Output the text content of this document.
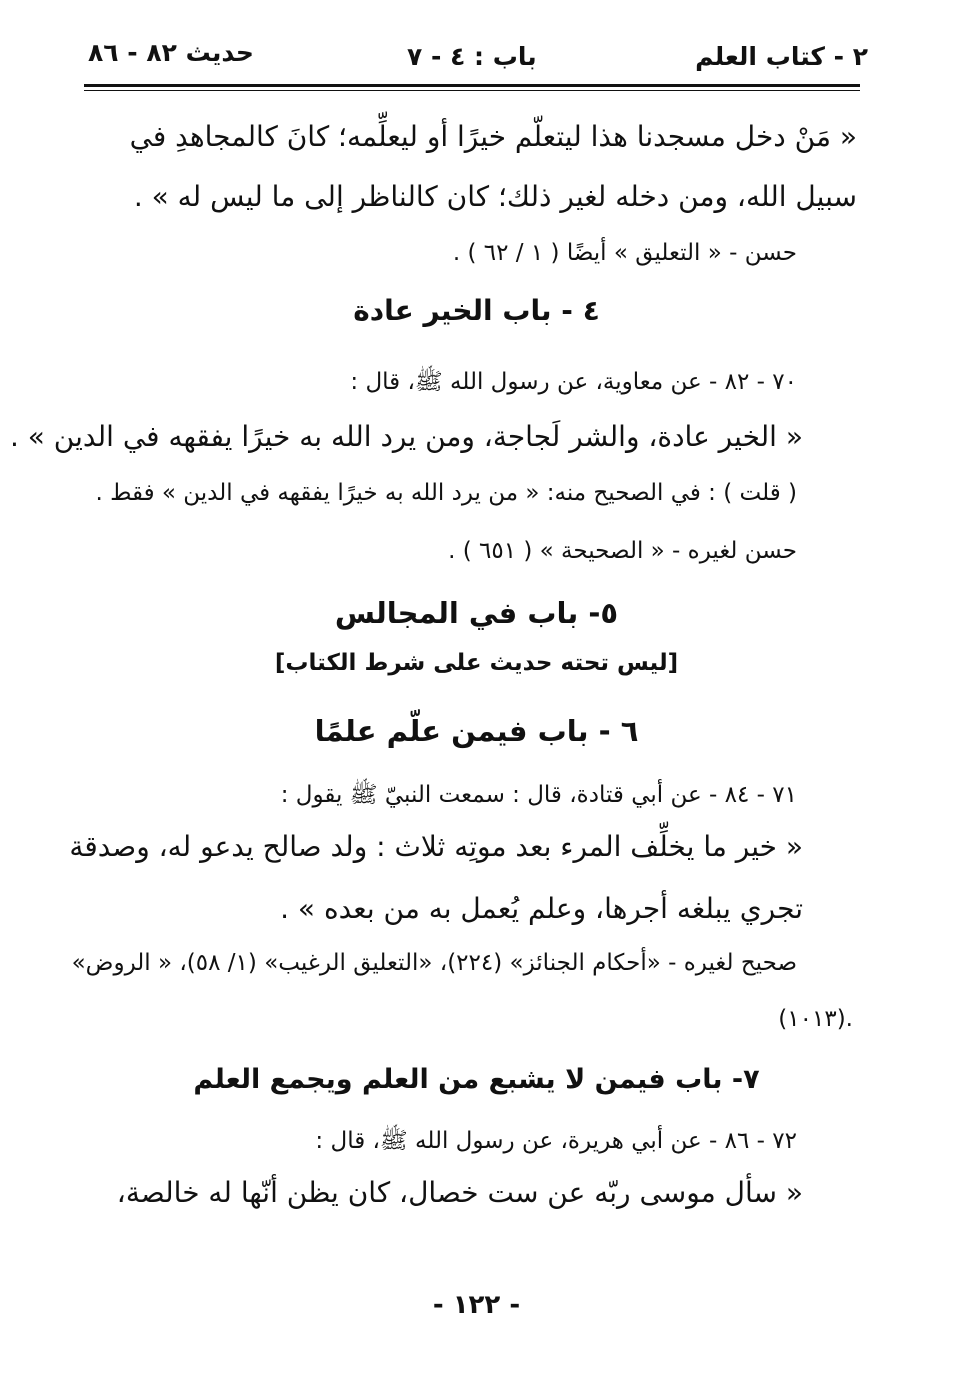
٢ - كتاب العلم
باب : ٤ - ٧
حديث ٨٢ - ٨٦
« مَنْ دخل مسجدنا هذا ليتعلّم خيرًا أو ليعلِّمه؛ كانَ كالمجاهدِ في
سبيل الله، ومن دخله لغير ذلك؛ كان كالناظر إلى ما ليس له » .
حسن - « التعليق » أيضًا ( ١ / ٦٢ ) .
٤ - باب الخير عادة
٧٠ - ٨٢ - عن معاوية، عن رسول الله ﷺ، قال :
« الخير عادة، والشر لَجاجة، ومن يرد الله به خيرًا يفقهه في الدين » .
( قلت ) : في الصحيح منه: « من يرد الله به خيرًا يفقهه في الدين » فقط .
حسن لغيره - « الصحيحة » ( ٦٥١ ) .
٥- باب في المجالس
[ليس تحته حديث على شرط الكتاب]
٦ - باب فيمن علّم علمًا
٧١ - ٨٤ - عن أبي قتادة، قال : سمعت النبيّ ﷺ يقول :
« خير ما يخلِّف المرء بعد موتِه ثلاث : ولد صالح يدعو له، وصدقة
تجري يبلغه أجرها، وعلم يُعمل به من بعده » .
صحيح لغيره - «أحكام الجنائز» (٢٢٤)، «التعليق الرغيب» (١/ ٥٨)، « الروض»
.(١٠١٣)
٧- باب فيمن لا يشبع من العلم ويجمع العلم
٧٢ - ٨٦ - عن أبي هريرة، عن رسول الله ﷺ، قال :
« سأل موسى ربّه عن ست خصال، كان يظن أنّها له خالصة،
- ١٢٢ -
